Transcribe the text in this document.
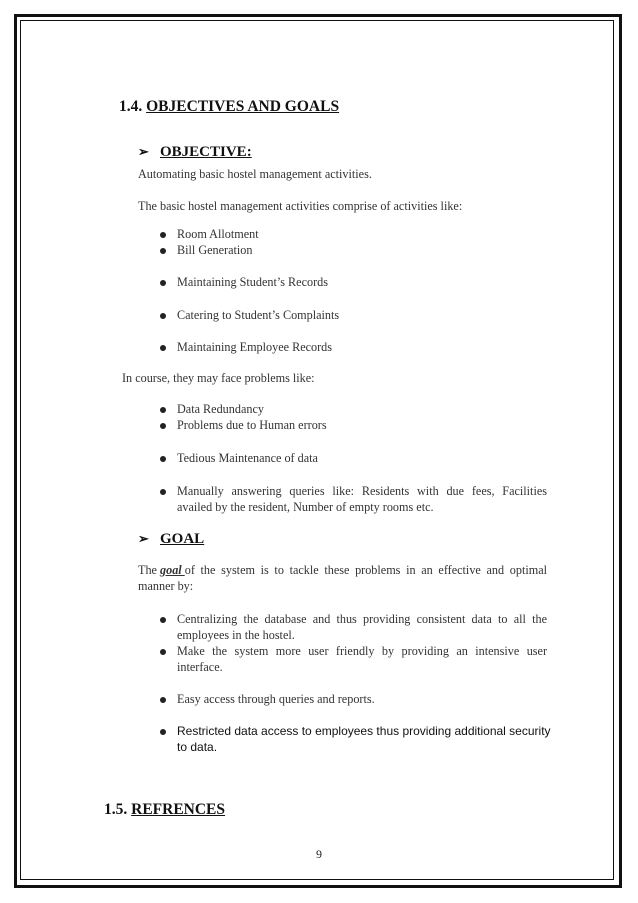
1.4. OBJECTIVES AND GOALS
➢ OBJECTIVE:
Automating basic hostel management activities.
The basic hostel management activities comprise of activities like:
Room Allotment
Bill Generation
Maintaining Student’s Records
Catering to Student’s Complaints
Maintaining Employee Records
In course, they may face problems like:
Data Redundancy
Problems due to Human errors
Tedious Maintenance of data
Manually answering queries like: Residents with due fees, Facilities
availed by the resident, Number of empty rooms etc.
➢ GOAL
The goal of the system is to tackle these problems in an effective and optimal
manner by:
Centralizing the database and thus providing consistent data to all the
employees in the hostel.
Make the system more user friendly by providing an intensive user
interface.
Easy access through queries and reports.
Restricted data access to employees thus providing additional security
to data.
1.5. REFRENCES
9
